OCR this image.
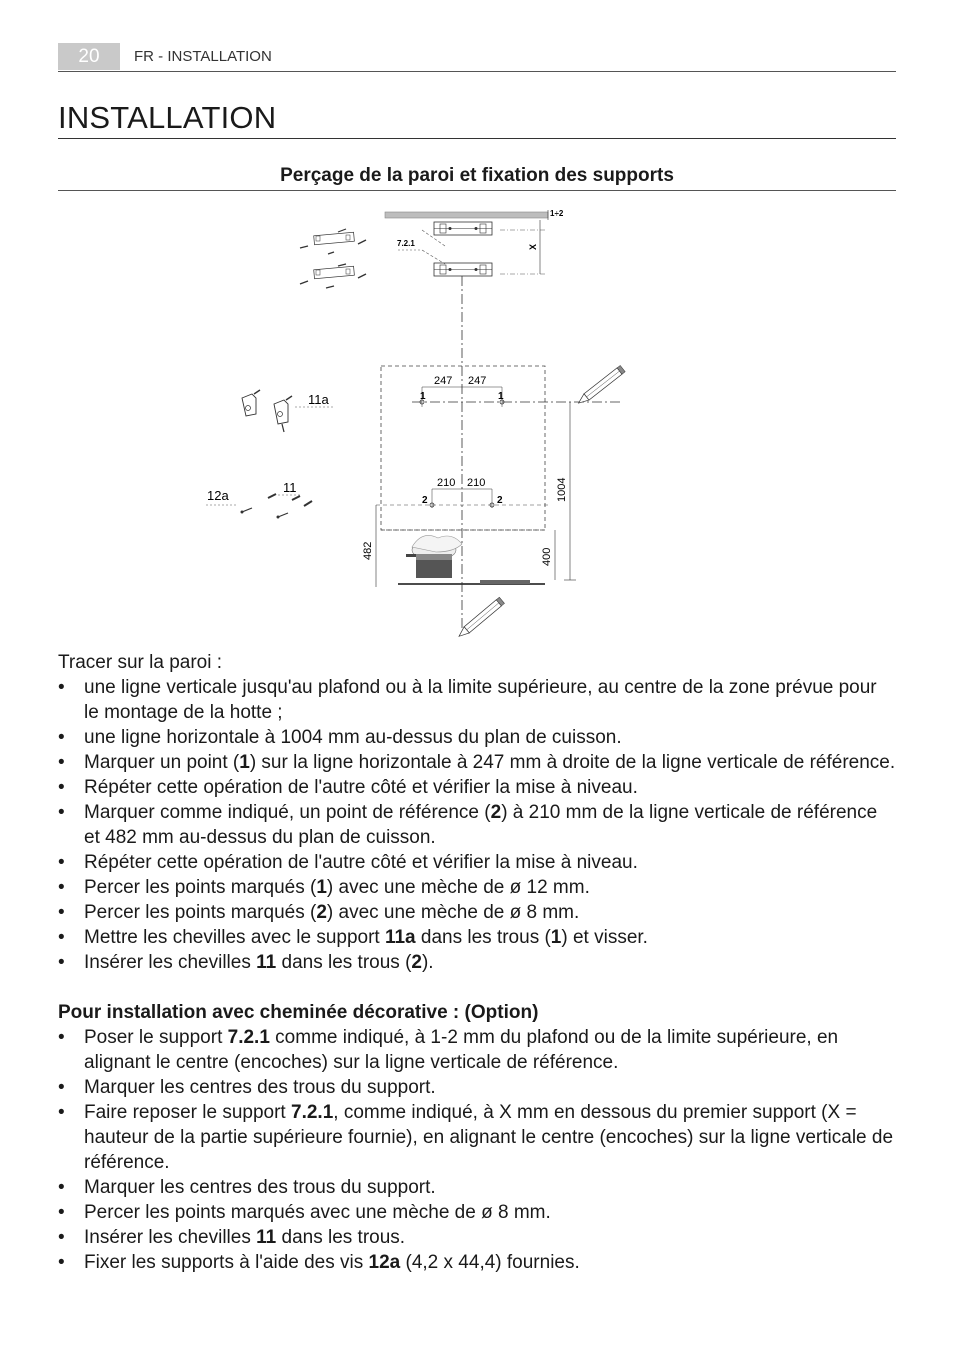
20	FR - INSTALLATION
INSTALLATION
Perçage de la paroi et fixation des supports
1÷2
7.2.1	X
247 247
1	1
210 210
2	2	1004
400
482
11a
11
12a

Tracer sur la paroi :

• une ligne verticale jusqu'au plafond ou à la limite supérieure, au centre de la zone prévue pour le montage de la hotte ;
• une ligne horizontale à 1004 mm au-dessus du plan de cuisson.
• Marquer un point (1) sur la ligne horizontale à 247 mm à droite de la ligne verticale de référence.
• Répéter cette opération de l'autre côté et vérifier la mise à niveau.
• Marquer comme indiqué, un point de référence (2) à 210 mm de la ligne verticale de référence et 482 mm au-dessus du plan de cuisson.
• Répéter cette opération de l'autre côté et vérifier la mise à niveau.
• Percer les points marqués (1) avec une mèche de ø 12 mm.
• Percer les points marqués (2) avec une mèche de ø 8 mm.
• Mettre les chevilles avec le support 11a dans les trous (1) et visser.
• Insérer les chevilles 11 dans les trous (2).

Pour installation avec cheminée décorative : (Option)

• Poser le support 7.2.1 comme indiqué, à 1-2 mm du plafond ou de la limite supérieure, en alignant le centre (encoches) sur la ligne verticale de référence.
• Marquer les centres des trous du support.
• Faire reposer le support 7.2.1, comme indiqué, à X mm en dessous du premier support (X = hauteur de la partie supérieure fournie), en alignant le centre (encoches) sur la ligne verticale de référence.
• Marquer les centres des trous du support.
• Percer les points marqués avec une mèche de ø 8 mm.
• Insérer les chevilles 11 dans les trous.
• Fixer les supports à l'aide des vis 12a (4,2 x 44,4) fournies.
